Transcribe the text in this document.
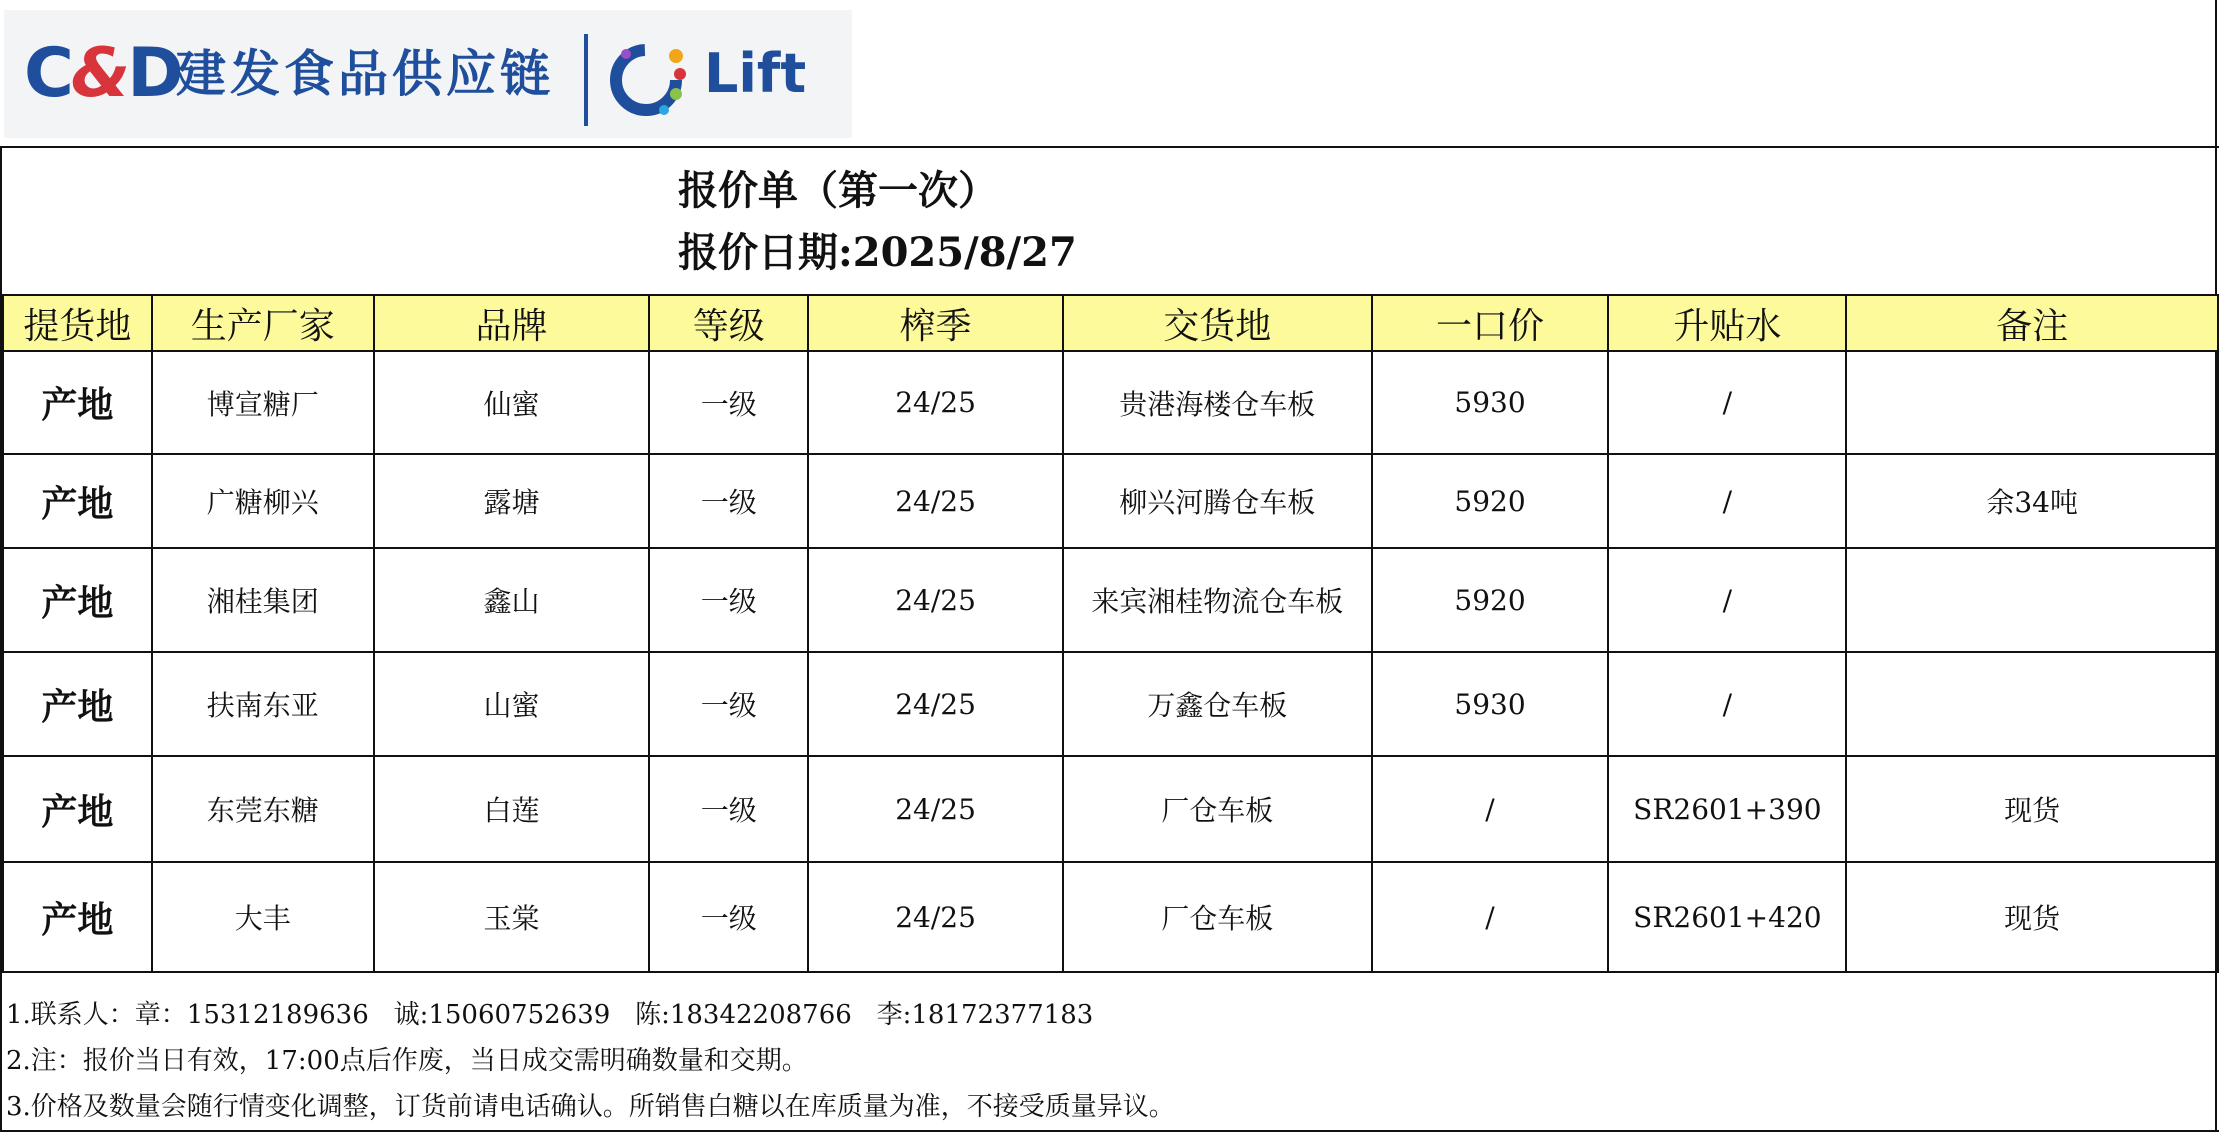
C&D
建发食品供应链	Lift
报价单（第一次）
报价日期:2025/8/27
提货地	生产厂家	品牌	等级	榨季	交货地	一口价	升贴水	备注
产地	博宣糖厂	仙蜜	一级	24/25	贵港海楼仓车板	5930	/	
产地	广糖柳兴	露塘	一级	24/25	柳兴河腾仓车板	5920	/	余34吨
产地	湘桂集团	鑫山	一级	24/25	来宾湘桂物流仓车板	5920	/	
产地	扶南东亚	山蜜	一级	24/25	万鑫仓车板	5930	/	
产地	东莞东糖	白莲	一级	24/25	厂仓车板	/	SR2601+390	现货
产地	大丰	玉棠	一级	24/25	厂仓车板	/	SR2601+420	现货
1.联系人：章：15312189636   诚:15060752639   陈:18342208766   李:18172377183
2.注：报价当日有效，17:00点后作废，当日成交需明确数量和交期。
3.价格及数量会随行情变化调整，订货前请电话确认。所销售白糖以在库质量为准，不接受质量异议。
